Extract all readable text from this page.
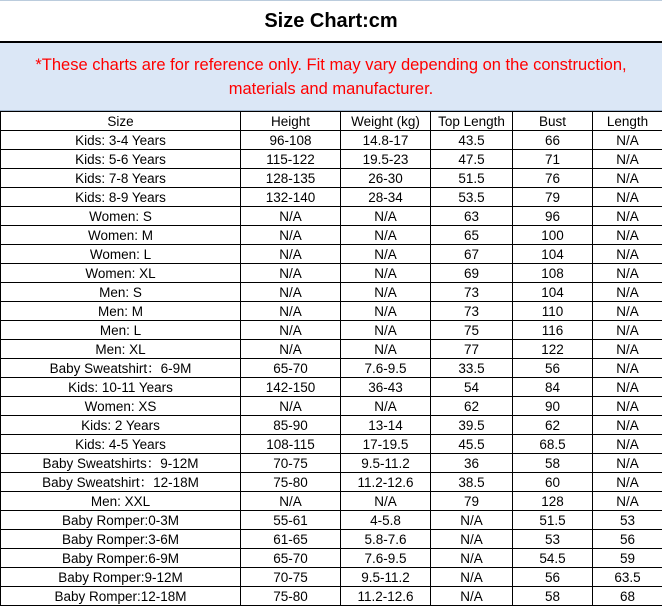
Size Chart:cm
*These charts are for reference only. Fit may vary depending on the construction, materials and manufacturer.
Size	Height	Weight (kg)	Top Length	Bust	Length
Kids: 3-4 Years	96-108	14.8-17	43.5	66	N/A
Kids: 5-6 Years	115-122	19.5-23	47.5	71	N/A
Kids: 7-8 Years	128-135	26-30	51.5	76	N/A
Kids: 8-9 Years	132-140	28-34	53.5	79	N/A
Women: S	N/A	N/A	63	96	N/A
Women: M	N/A	N/A	65	100	N/A
Women: L	N/A	N/A	67	104	N/A
Women: XL	N/A	N/A	69	108	N/A
Men: S	N/A	N/A	73	104	N/A
Men: M	N/A	N/A	73	110	N/A
Men: L	N/A	N/A	75	116	N/A
Men: XL	N/A	N/A	77	122	N/A
Baby Sweatshirt：6-9M	65-70	7.6-9.5	33.5	56	N/A
Kids: 10-11 Years	142-150	36-43	54	84	N/A
Women: XS	N/A	N/A	62	90	N/A
Kids: 2 Years	85-90	13-14	39.5	62	N/A
Kids: 4-5 Years	108-115	17-19.5	45.5	68.5	N/A
Baby Sweatshirts：9-12M	70-75	9.5-11.2	36	58	N/A
Baby Sweatshirt：12-18M	75-80	11.2-12.6	38.5	60	N/A
Men: XXL	N/A	N/A	79	128	N/A
Baby Romper:0-3M	55-61	4-5.8	N/A	51.5	53
Baby Romper:3-6M	61-65	5.8-7.6	N/A	53	56
Baby Romper:6-9M	65-70	7.6-9.5	N/A	54.5	59
Baby Romper:9-12M	70-75	9.5-11.2	N/A	56	63.5
Baby Romper:12-18M	75-80	11.2-12.6	N/A	58	68
